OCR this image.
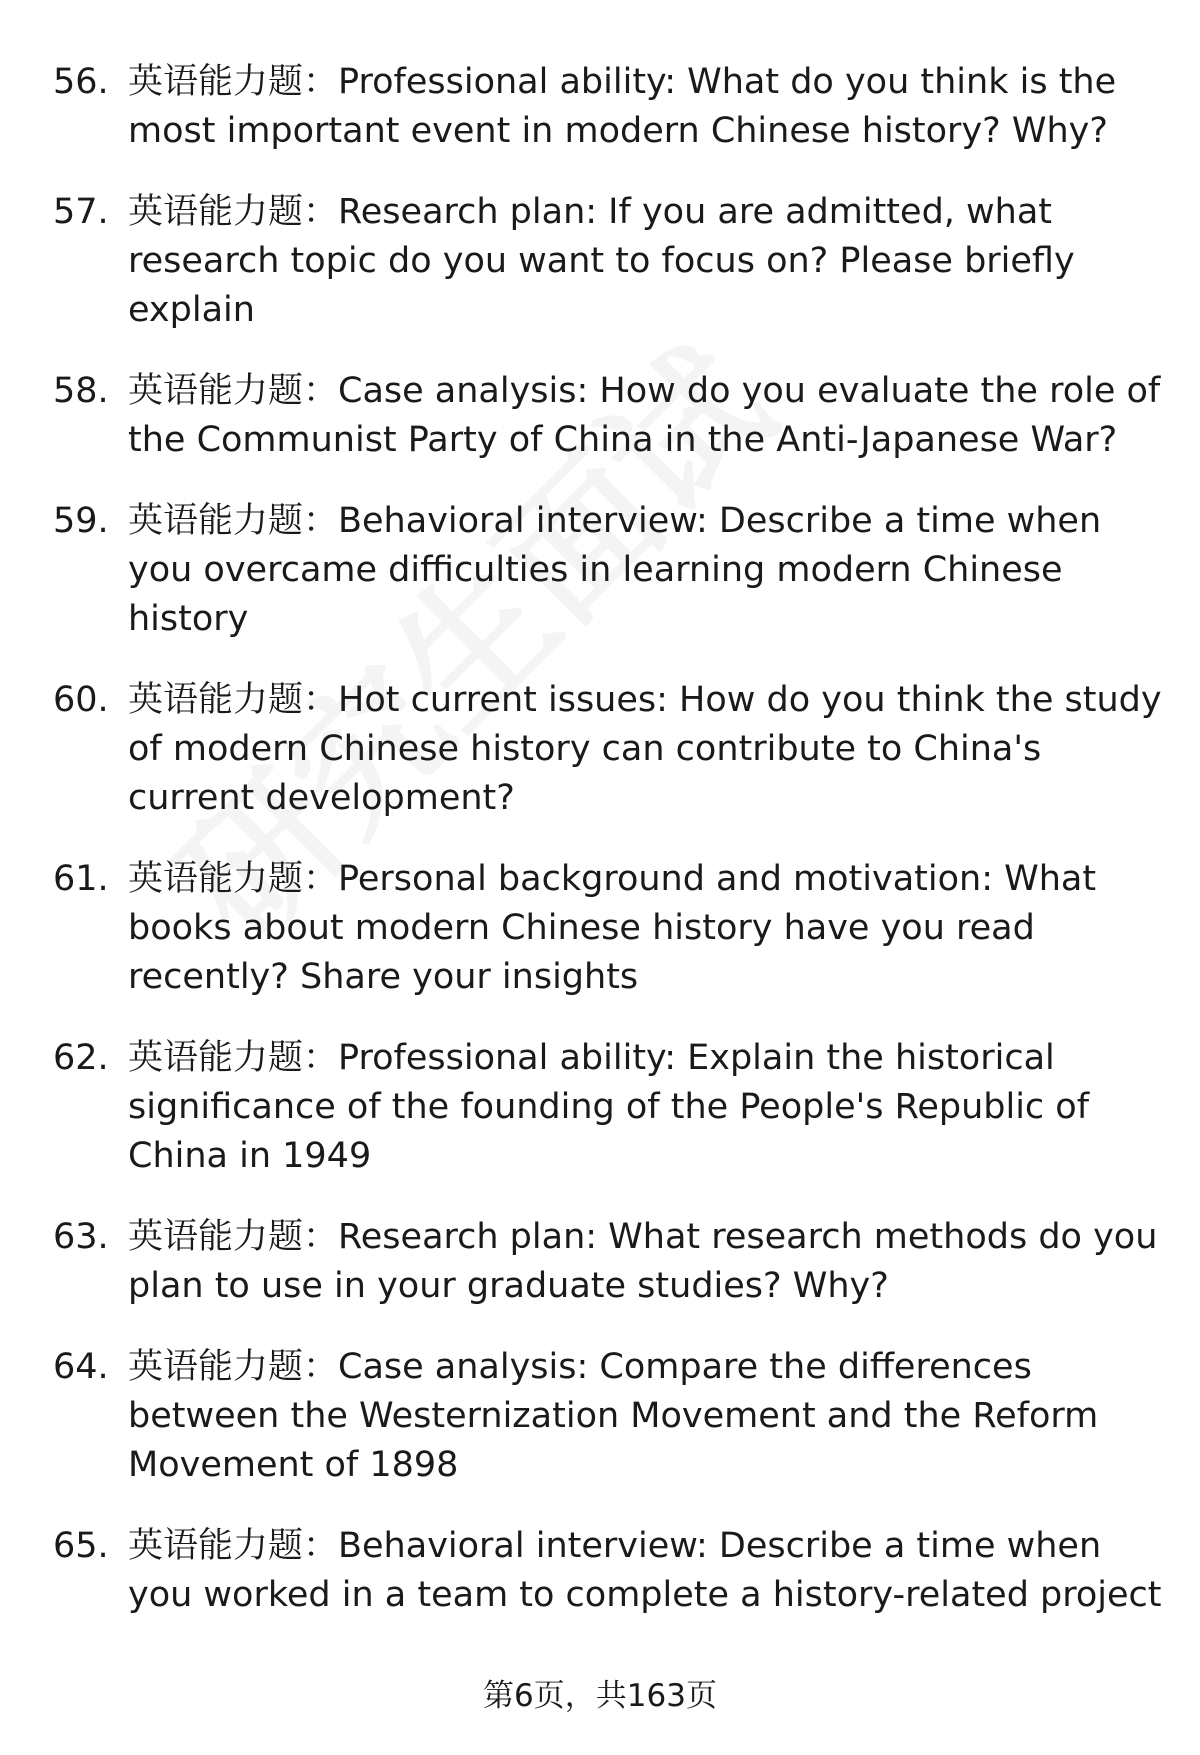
56. 英语能力题：Professional ability: What do you think is the most important event in modern Chinese history? Why?
57. 英语能力题：Research plan: If you are admitted, what research topic do you want to focus on? Please briefly explain
58. 英语能力题：Case analysis: How do you evaluate the role of the Communist Party of China in the Anti-Japanese War?
59. 英语能力题：Behavioral interview: Describe a time when you overcame difficulties in learning modern Chinese history
60. 英语能力题：Hot current issues: How do you think the study of modern Chinese history can contribute to China's current development?
61. 英语能力题：Personal background and motivation: What books about modern Chinese history have you read recently? Share your insights
62. 英语能力题：Professional ability: Explain the historical significance of the founding of the People's Republic of China in 1949
63. 英语能力题：Research plan: What research methods do you plan to use in your graduate studies? Why?
64. 英语能力题：Case analysis: Compare the differences between the Westernization Movement and the Reform Movement of 1898
65. 英语能力题：Behavioral interview: Describe a time when you worked in a team to complete a history-related project
第6页，共163页
